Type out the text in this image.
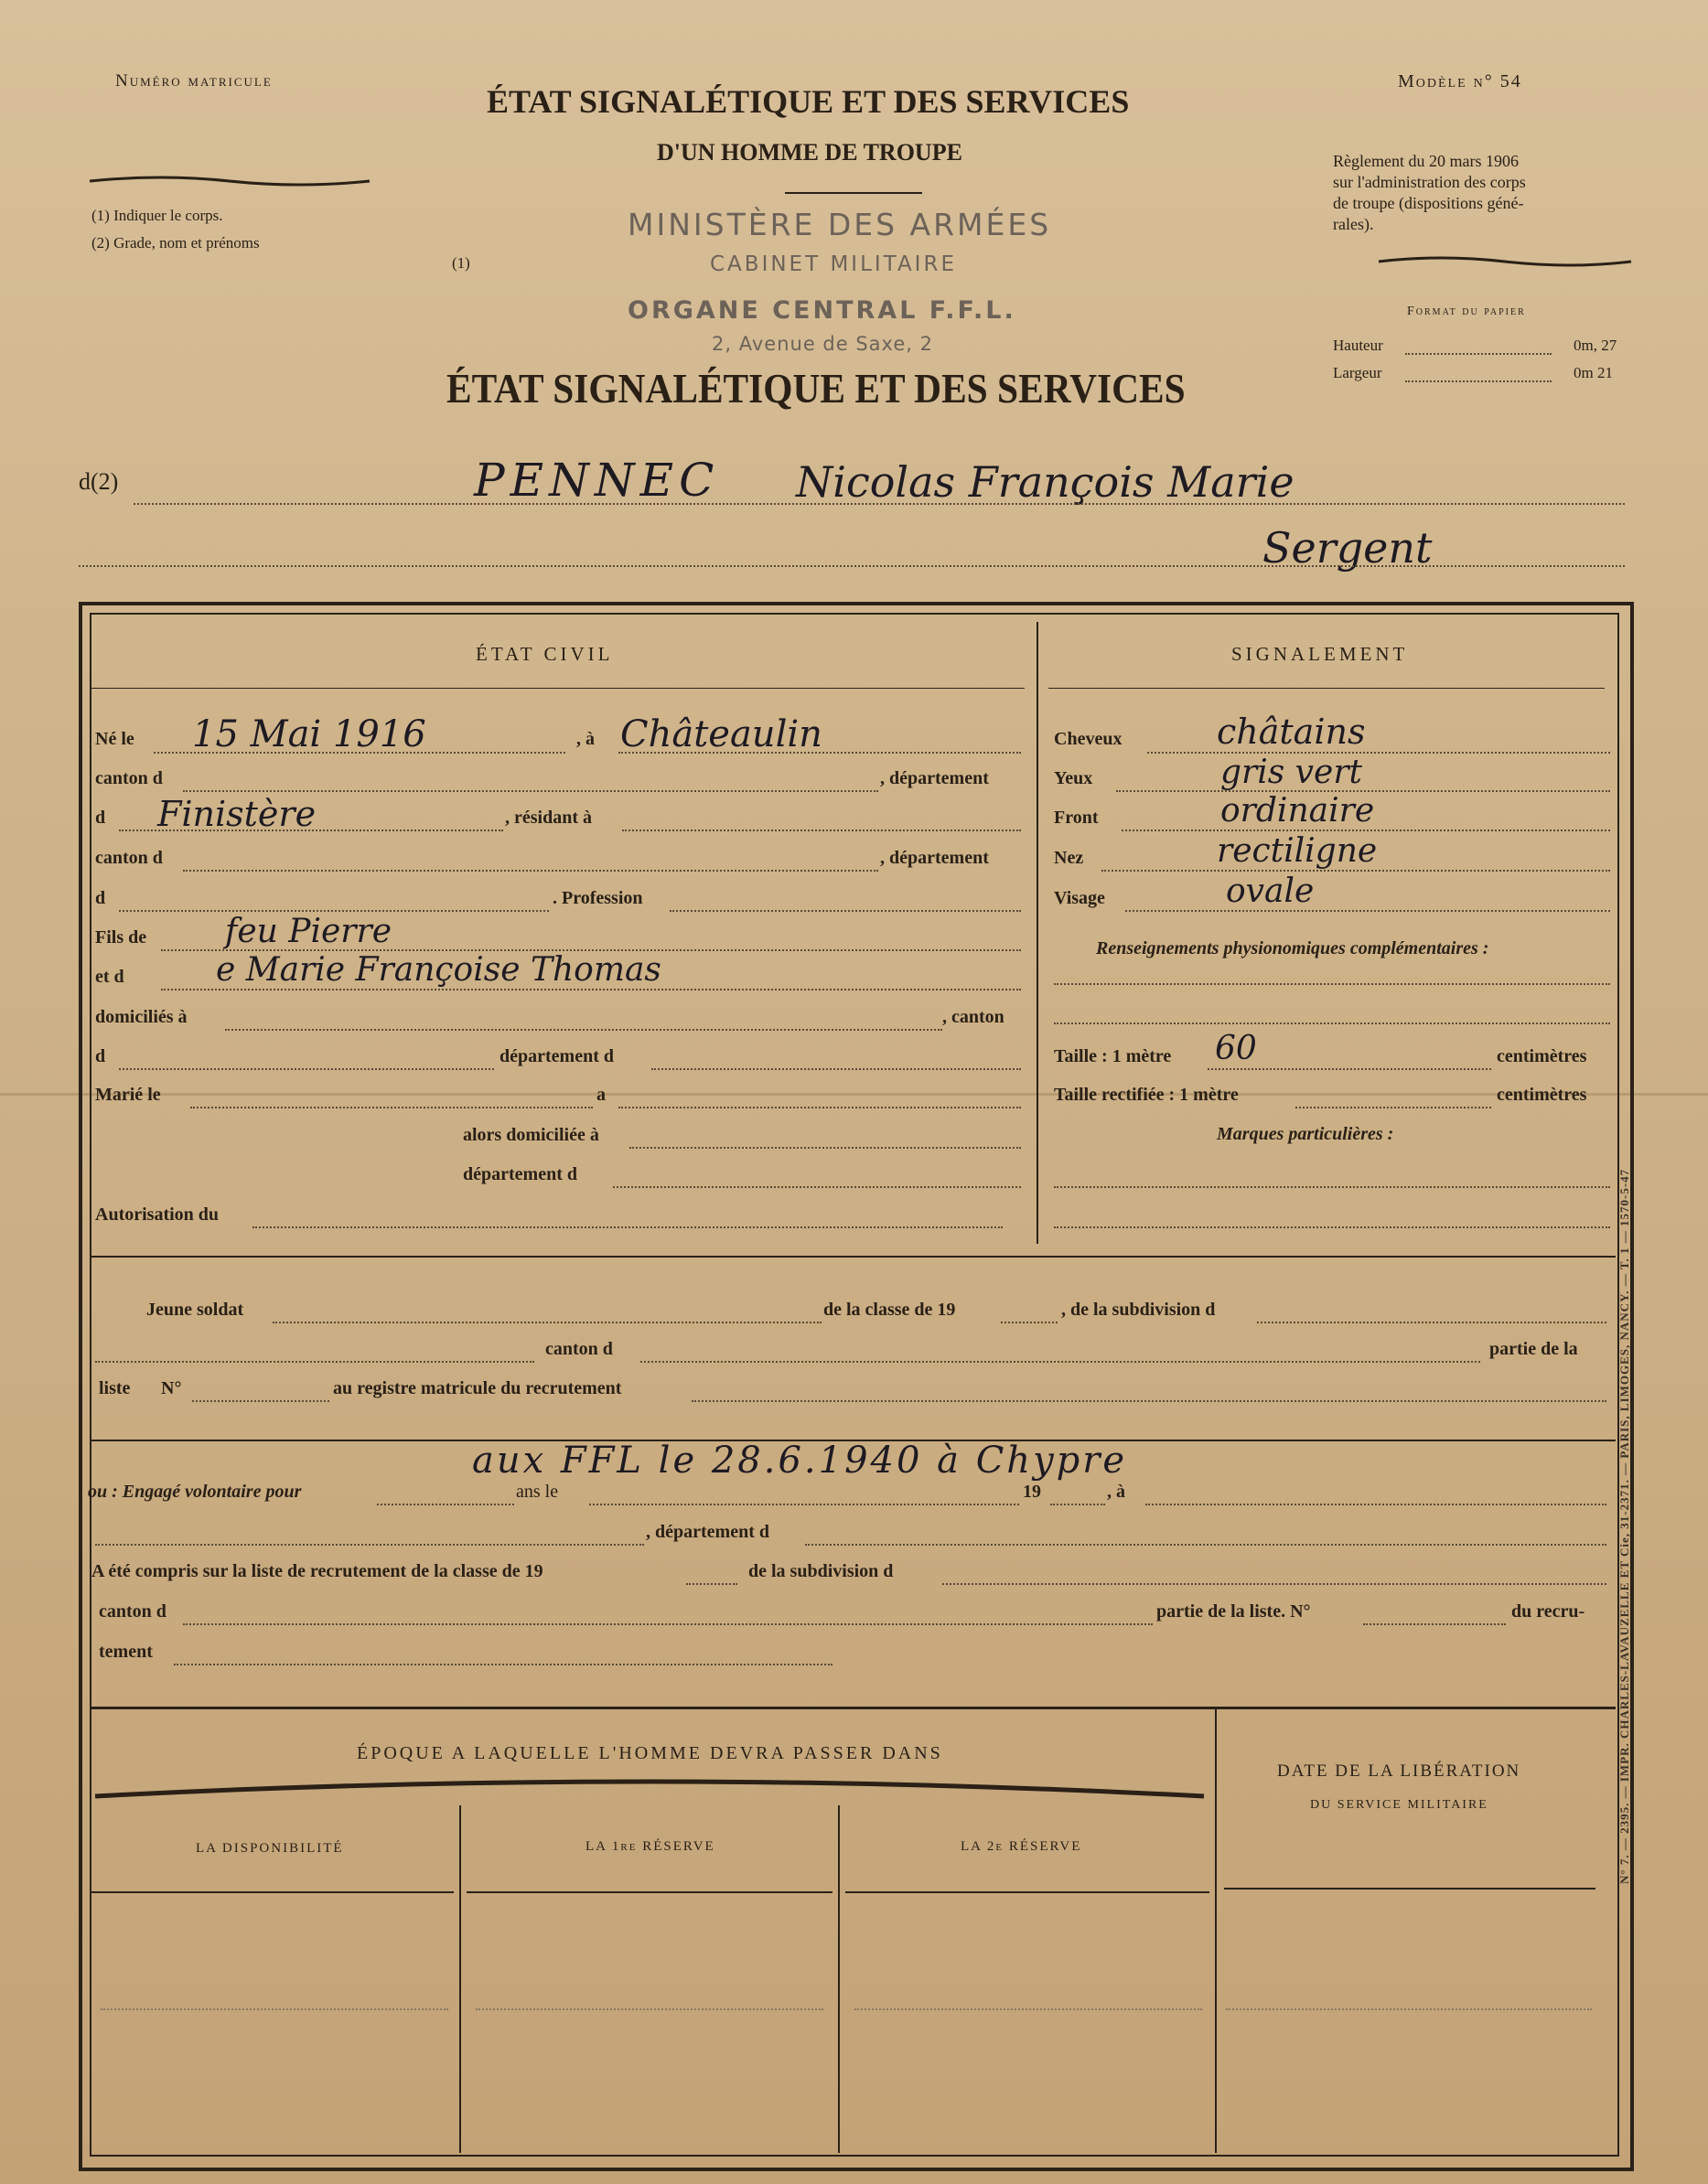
Numéro matricule
ÉTAT SIGNALÉTIQUE ET DES SERVICES
D'UN HOMME DE TROUPE
Modèle n° 54
Règlement du 20 mars 1906
sur l'administration des corps
de troupe (dispositions géné-
rales).
(1) Indiquer le corps.
(2) Grade, nom et prénoms
(1)
Format du papier
Hauteur	0m, 27
Largeur	0m 21
MINISTÈRE DES ARMÉES
CABINET MILITAIRE
ORGANE CENTRAL F.F.L.
2, Avenue de Saxe, 2
ÉTAT SIGNALÉTIQUE ET DES SERVICES
d(2)	PENNEC Nicolas François Marie
Sergent
ÉTAT CIVIL
Né le 15 Mai 1916	, à Châteaulin
canton d	, département
d Finistère	, résidant à
canton d	, département
d	. Profession
Fils de feu Pierre
et d	e Marie Françoise Thomas
domiciliés à	, canton
d	département d
Marié le	a
alors domiciliée à
département d
Autorisation du
SIGNALEMENT
Cheveux	châtains
Yeux	gris vert
Front	ordinaire
Nez	rectiligne
Visage	ovale
Renseignements physionomiques complémentaires :
Taille : 1 mètre 60	centimètres
Taille rectifiée : 1 mètre	centimètres
Marques particulières :
Jeune soldat	de la classe de 19	, de la subdivision d
canton d	partie de la
liste N°	au registre matricule du recrutement
aux FFL le 28.6.1940 à Chypre
ou : Engagé volontaire pour	ans le	19	, à
, département d
A été compris sur la liste de recrutement de la classe de 19	de la subdivision d
canton d	partie de la liste. N°	du recru-
tement
ÉPOQUE A LAQUELLE L'HOMME DEVRA PASSER DANS
LA DISPONIBILITÉ	LA 1re RÉSERVE	LA 2e RÉSERVE
DATE DE LA LIBÉRATION
DU SERVICE MILITAIRE	N° 7. — 2395. — IMPR. CHARLES-LAVAUZELLE ET Cie, 31-2371. — PARIS, LIMOGES, NANCY. — T. 1 — 1570-5-47
